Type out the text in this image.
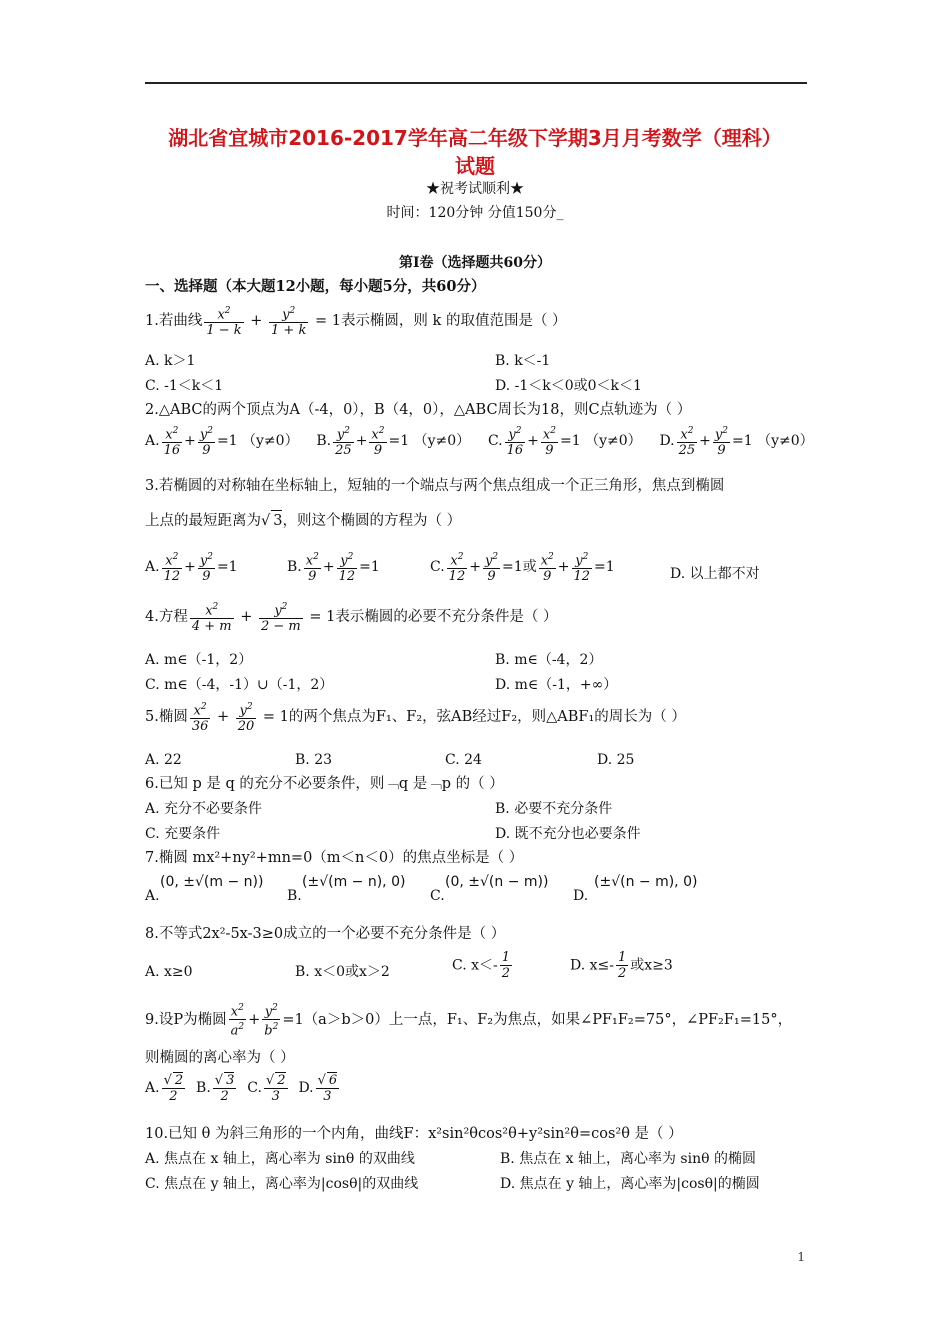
湖北省宜城市2016-2017学年高二年级下学期3月月考数学（理科）
试题
★祝考试顺利★
时间：120分钟 分值150分_
第I卷（选择题共60分）
一、选择题（本大题12小题，每小题5分，共60分）
1.若曲线 $\frac{x^2}{1 - k} + \frac{y^2}{1 + k} = 1$表示椭圆，则 k 的取值范围是（ ）
A. k＞1	B. k＜-1
C. -1＜k＜1	D. -1＜k＜0或0＜k＜1
2.△ABC的两个顶点为A（-4，0），B（4，0），△ABC周长为18，则C点轨迹为（ ）
A. $\frac{x^2}{16} + \frac{y^2}{9} =1$ （y≠0） B. $\frac{y^2}{25} + \frac{x^2}{9} =1$ （y≠0） C. $\frac{y^2}{16} + \frac{x^2}{9} =1$ （y≠0） D. $\frac{x^2}{25} + \frac{y^2}{9} =1$ （y≠0）
3.若椭圆的对称轴在坐标轴上，短轴的一个端点与两个焦点组成一个正三角形，焦点到椭圆
上点的最短距离为√ 3，则这个椭圆的方程为（ ）
A. $\frac{x^2}{12} + \frac{y^2}{9} =1$	B. $\frac{x^2}{9} + \frac{y^2}{12} =1$	C. $\frac{x^2}{12} + \frac{y^2}{9} =1$或 $\frac{x^2}{9} + \frac{y^2}{12} =1$	D. 以上都不对
4.方程 $\frac{x^2}{4 + m} + \frac{y^2}{2 - m} = 1$表示椭圆的必要不充分条件是（ ）
A. m∈（-1，2）	B. m∈（-4，2）
C. m∈（-4，-1）∪（-1，2）	D. m∈（-1，+∞）
5.椭圆 $\frac{x^2}{36} + \frac{y^2}{20} = 1$的两个焦点为F₁、F₂，弦AB经过F₂，则△ABF₁的周长为（ ）
A. 22	B. 23	C. 24	D. 25
6.已知 p 是 q 的充分不必要条件，则﹁q 是﹁p 的（ ）
A. 充分不必要条件	B. 必要不充分条件
C. 充要条件	D. 既不充分也必要条件
7.椭圆 mx²+ny²+mn=0（m＜n＜0）的焦点坐标是（ ）
A.
(0, ±√(m − n))
B.
(±√(m − n), 0)
C.
(0, ±√(n − m))
D.
(±√(n − m), 0)
8.不等式2x²-5x-3≥0成立的一个必要不充分条件是（ ）
A. x≥0	B. x＜0或x＞2	C. $x<- \frac{1}{2}$	D. $x\le- \frac{1}{2}$ 或x≥3
9.设P为椭圆 $\frac{x^2}{a^2} + \frac{y^2}{b^2} =1(a>b>0)$上一点，F₁、F₂为焦点，如果∠PF₁F₂=75°，∠PF₂F₁=15°，
则椭圆的离心率为（ ）
A. $\frac{√ 2}{2} B$. $\frac{√ 3}{2} C$. $\frac{√ 2}{3} D$. $\frac{√ 6}{3}$
10.已知 θ 为斜三角形的一个内角，曲线F：x²sin²θcos²θ+y²sin²θ=cos²θ 是（ ）
A. 焦点在 x 轴上，离心率为 sinθ 的双曲线	B. 焦点在 x 轴上，离心率为 sinθ 的椭圆
C. 焦点在 y 轴上，离心率为|cosθ|的双曲线	D. 焦点在 y 轴上，离心率为|cosθ|的椭圆
1
